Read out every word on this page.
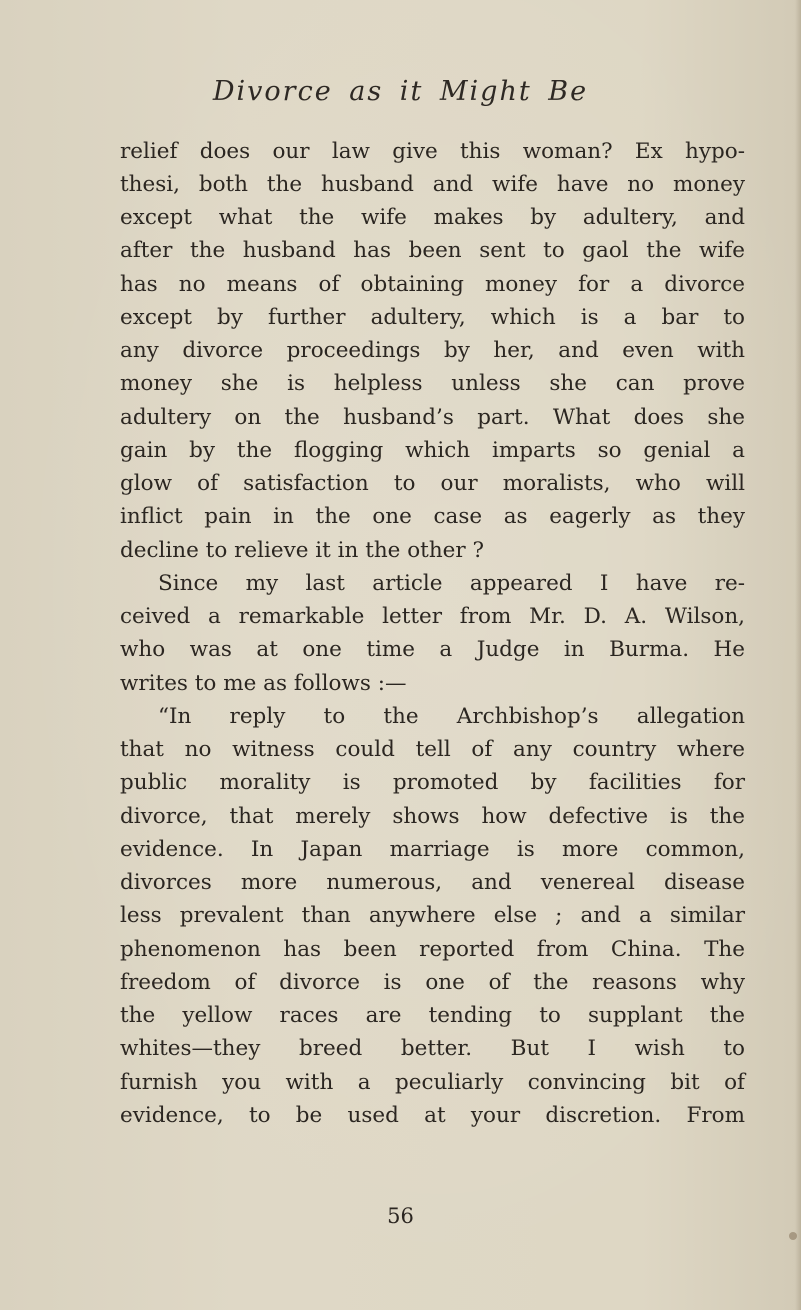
Divorce as it Might Be
relief does our law give this woman? Ex hypo-
thesi, both the husband and wife have no money
except what the wife makes by adultery, and
after the husband has been sent to gaol the wife
has no means of obtaining money for a divorce
except by further adultery, which is a bar to
any divorce proceedings by her, and even with
money she is helpless unless she can prove
adultery on the husband’s part. What does she
gain by the flogging which imparts so genial a
glow of satisfaction to our moralists, who will
inflict pain in the one case as eagerly as they
decline to relieve it in the other ?
Since my last article appeared I have re-
ceived a remarkable letter from Mr. D. A. Wilson,
who was at one time a Judge in Burma. He
writes to me as follows :—
“In reply to the Archbishop’s allegation
that no witness could tell of any country where
public morality is promoted by facilities for
divorce, that merely shows how defective is the
evidence. In Japan marriage is more common,
divorces more numerous, and venereal disease
less prevalent than anywhere else ; and a similar
phenomenon has been reported from China. The
freedom of divorce is one of the reasons why
the yellow races are tending to supplant the
whites—they breed better. But I wish to
furnish you with a peculiarly convincing bit of
evidence, to be used at your discretion. From
56
